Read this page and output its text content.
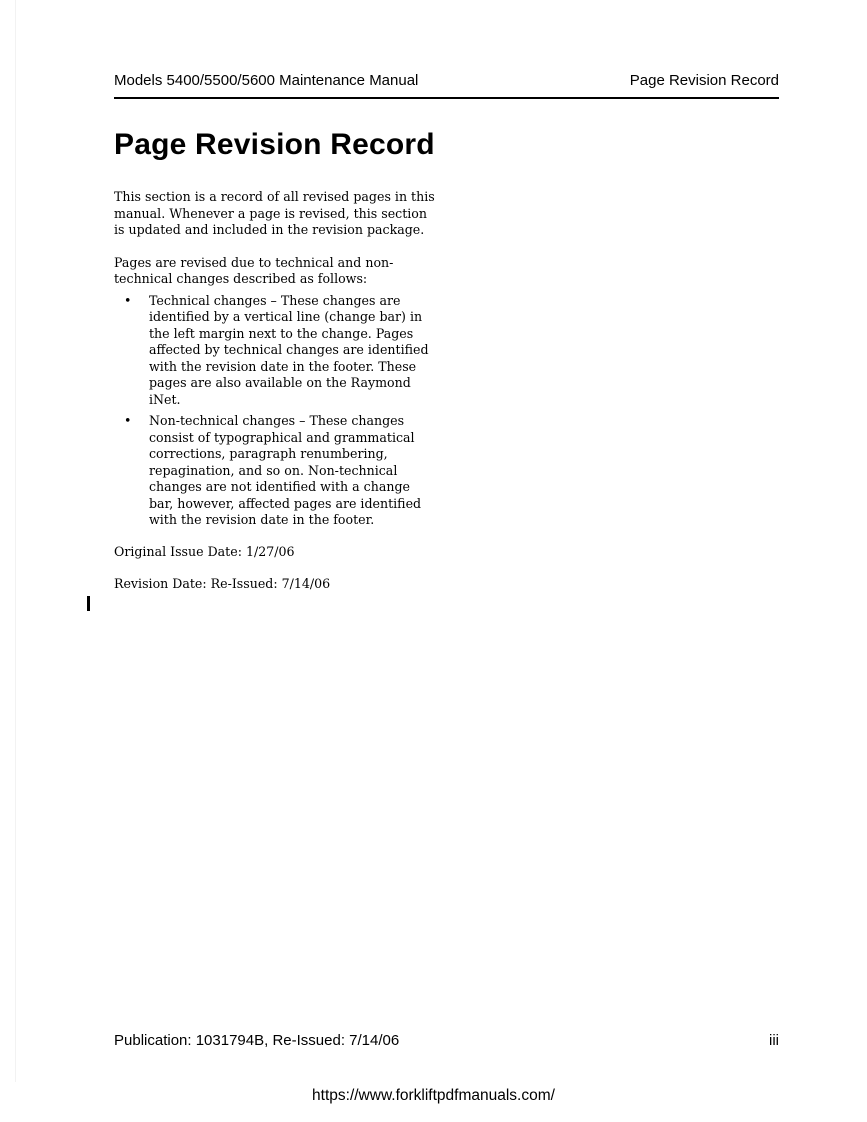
Models 5400/5500/5600 Maintenance Manual	Page Revision Record
Page Revision Record

This section is a record of all revised pages in this manual. Whenever a page is revised, this section is updated and included in the revision package.

Pages are revised due to technical and non-technical changes described as follows:

• Technical changes – These changes are identified by a vertical line (change bar) in the left margin next to the change. Pages affected by technical changes are identified with the revision date in the footer. These pages are also available on the Raymond iNet.
• Non-technical changes – These changes consist of typographical and grammatical corrections, paragraph renumbering, repagination, and so on. Non-technical changes are not identified with a change bar, however, affected pages are identified with the revision date in the footer.

Original Issue Date: 1/27/06

Revision Date: Re-Issued: 7/14/06

Publication: 1031794B, Re-Issued: 7/14/06	iii
https://www.forkliftpdfmanuals.com/
